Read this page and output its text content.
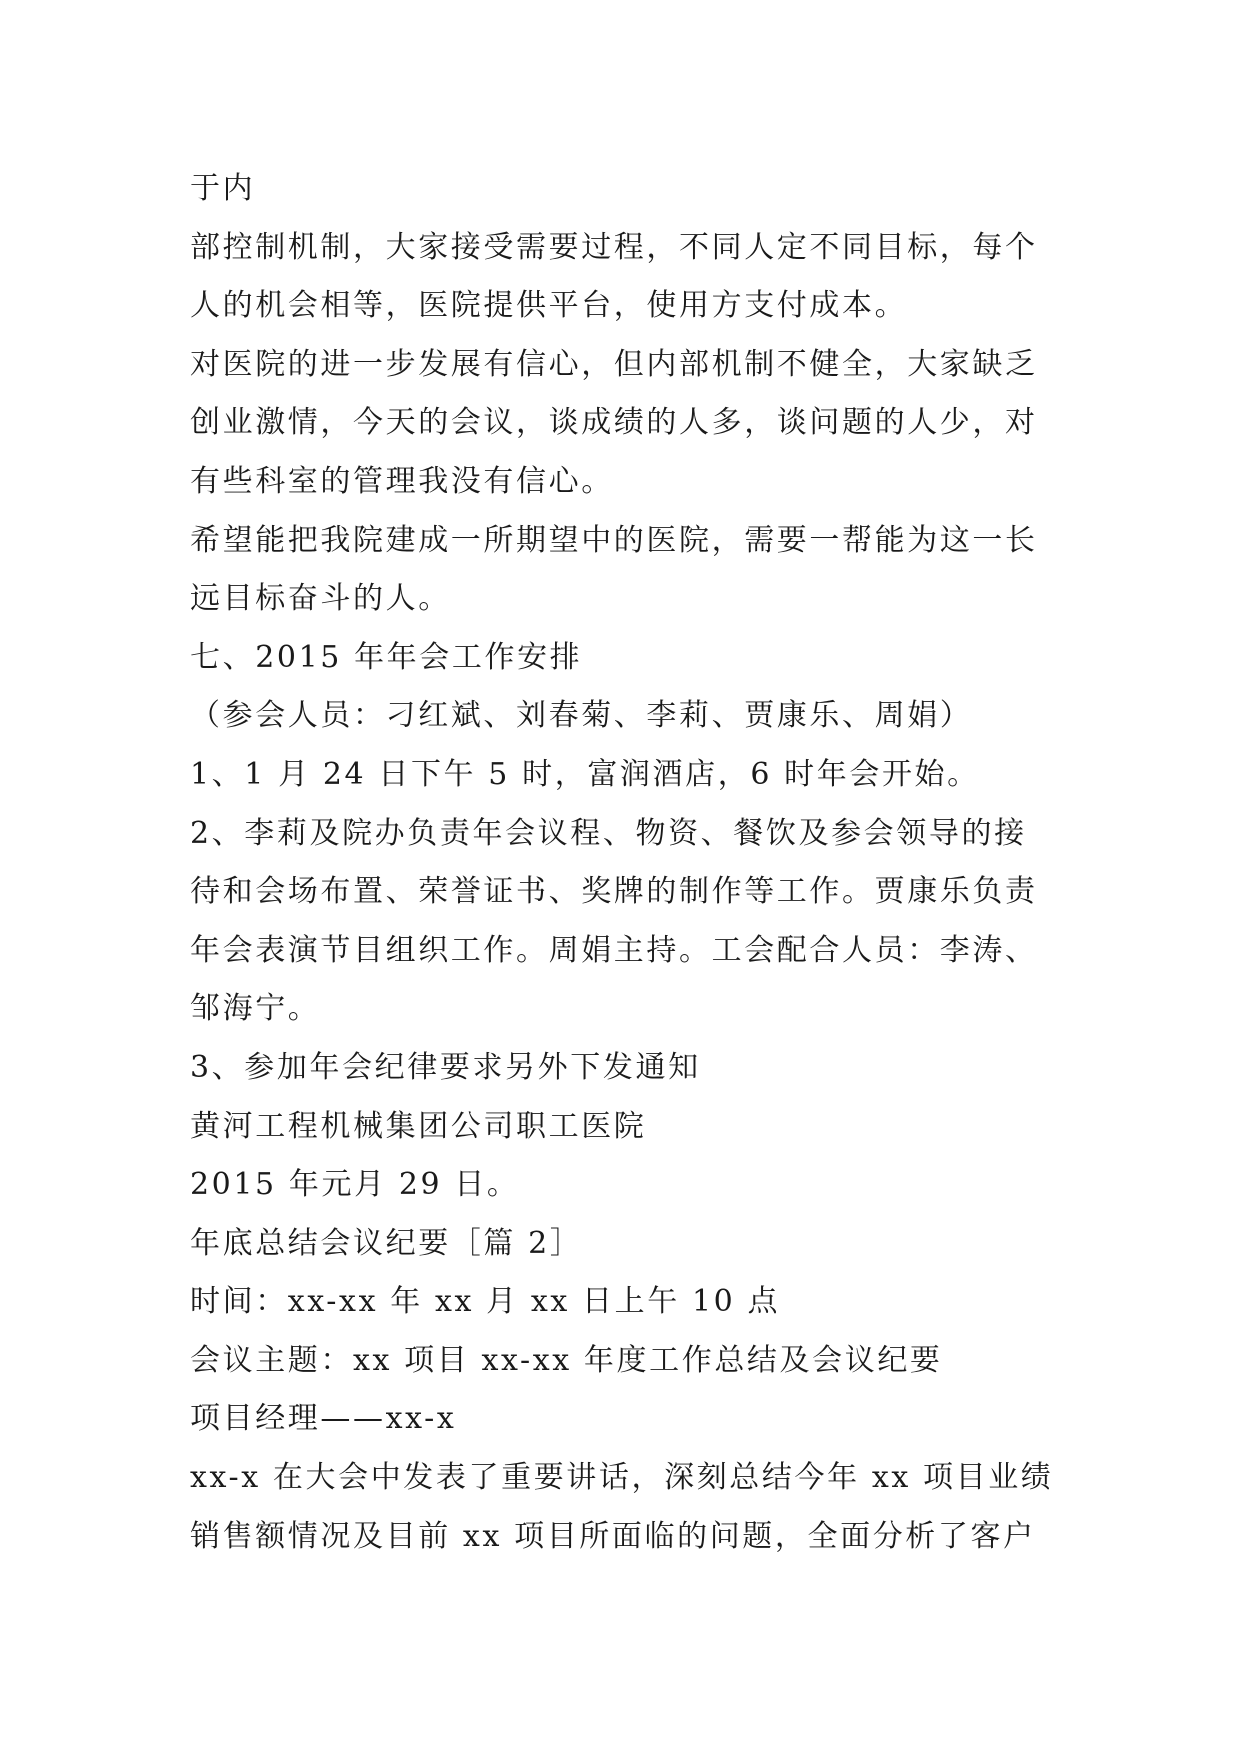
于内
部控制机制，大家接受需要过程，不同人定不同目标，每个
人的机会相等，医院提供平台，使用方支付成本。
对医院的进一步发展有信心，但内部机制不健全，大家缺乏
创业激情，今天的会议，谈成绩的人多，谈问题的人少，对
有些科室的管理我没有信心。
希望能把我院建成一所期望中的医院，需要一帮能为这一长
远目标奋斗的人。
七、2015 年年会工作安排
（参会人员：刁红斌、刘春菊、李莉、贾康乐、周娟）
1、1 月 24 日下午 5 时，富润酒店，6 时年会开始。
2、李莉及院办负责年会议程、物资、餐饮及参会领导的接
待和会场布置、荣誉证书、奖牌的制作等工作。贾康乐负责
年会表演节目组织工作。周娟主持。工会配合人员：李涛、
邹海宁。
3、参加年会纪律要求另外下发通知
黄河工程机械集团公司职工医院
2015 年元月 29 日。
年底总结会议纪要［篇 2］
时间：xx-xx 年 xx 月 xx 日上午 10 点
会议主题：xx 项目 xx-xx 年度工作总结及会议纪要
项目经理——xx-x
xx-x 在大会中发表了重要讲话，深刻总结今年 xx 项目业绩
销售额情况及目前 xx 项目所面临的问题，全面分析了客户
